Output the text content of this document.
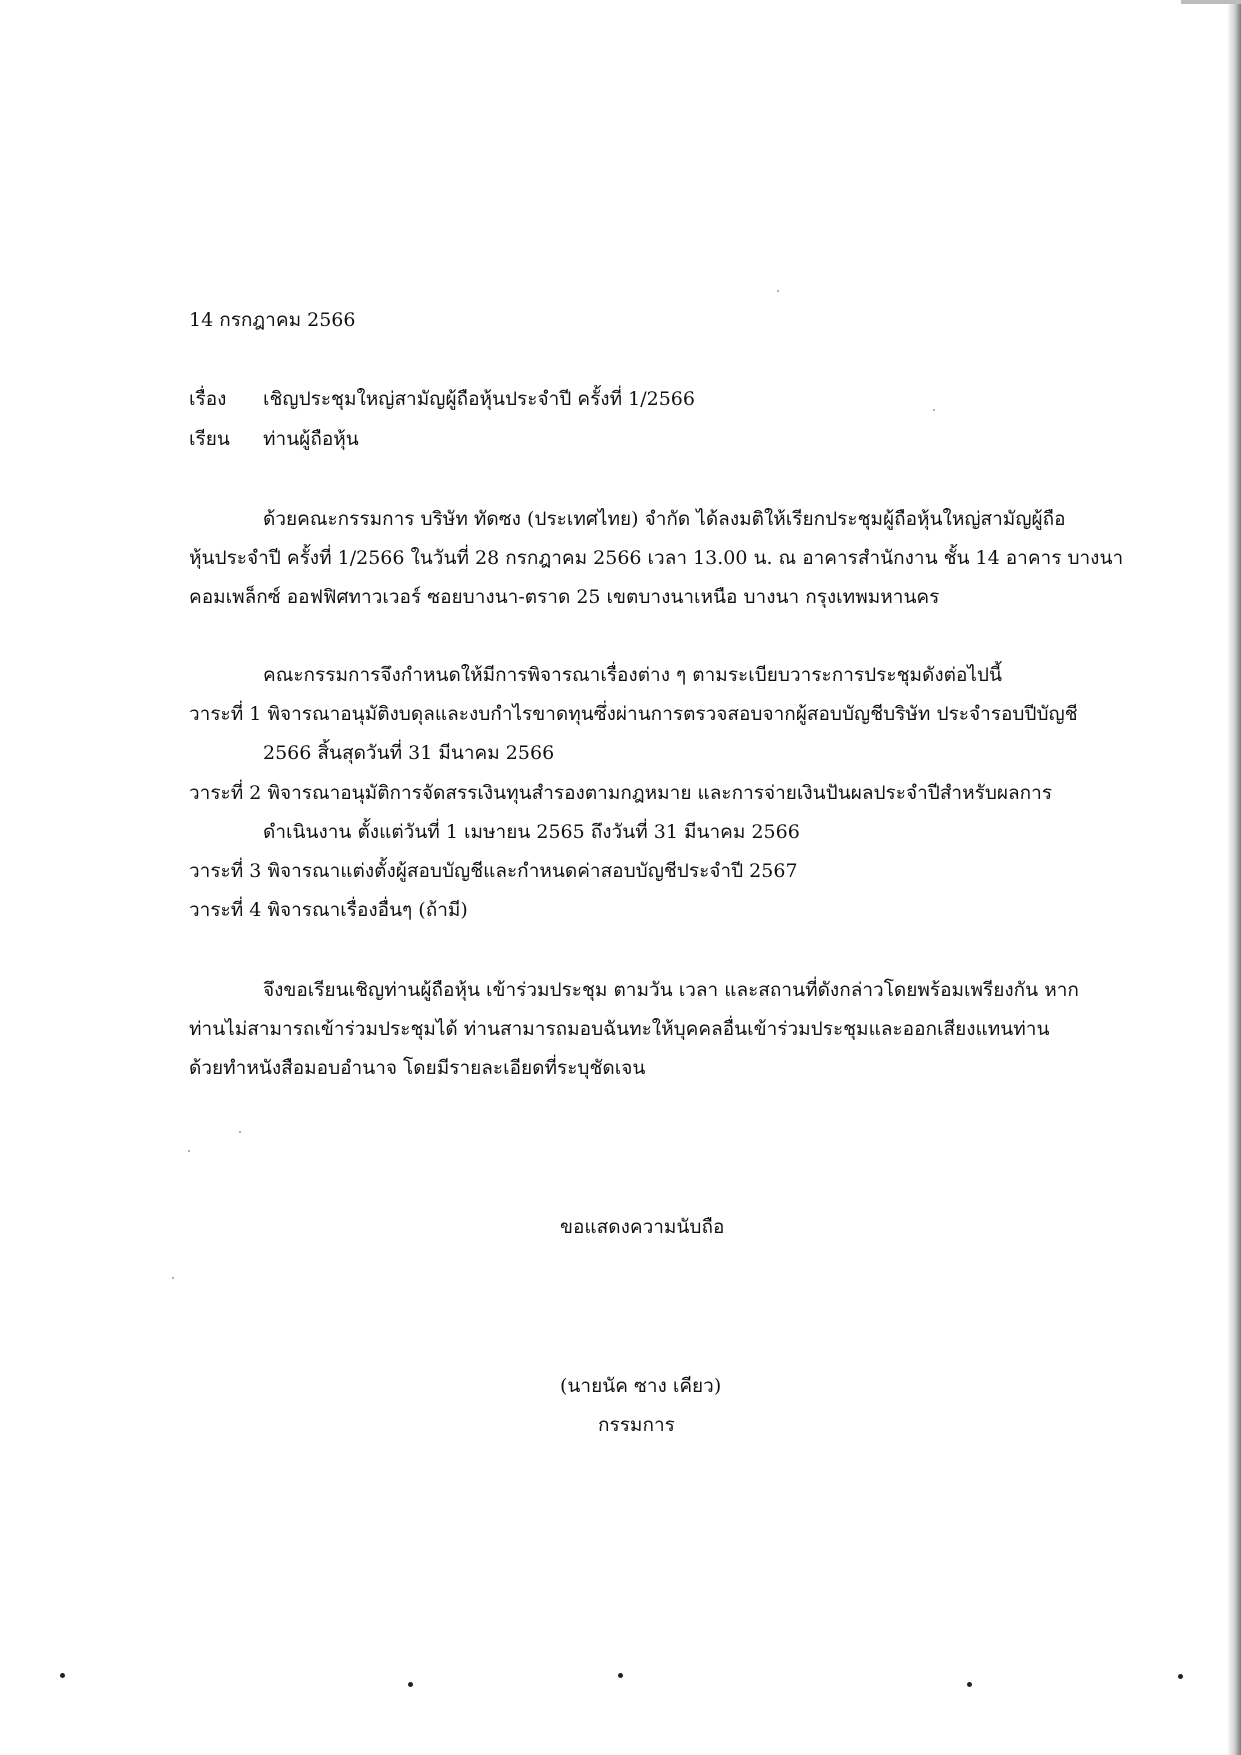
14 กรกฎาคม 2566
เรื่อง เชิญประชุมใหญ่สามัญผู้ถือหุ้นประจำปี ครั้งที่ 1/2566
เรียน ท่านผู้ถือหุ้น
ด้วยคณะกรรมการ บริษัท ทัดซง (ประเทศไทย) จำกัด ได้ลงมติให้เรียกประชุมผู้ถือหุ้นใหญ่สามัญผู้ถือ
หุ้นประจำปี ครั้งที่ 1/2566 ในวันที่ 28 กรกฎาคม 2566 เวลา 13.00 น. ณ อาคารสำนักงาน ชั้น 14 อาคาร บางนา
คอมเพล็กซ์ ออฟฟิศทาวเวอร์ ซอยบางนา-ตราด 25 เขตบางนาเหนือ บางนา กรุงเทพมหานคร
คณะกรรมการจึงกำหนดให้มีการพิจารณาเรื่องต่าง ๆ ตามระเบียบวาระการประชุมดังต่อไปนี้
วาระที่ 1 พิจารณาอนุมัติงบดุลและงบกำไรขาดทุนซึ่งผ่านการตรวจสอบจากผู้สอบบัญชีบริษัท ประจำรอบปีบัญชี
2566 สิ้นสุดวันที่ 31 มีนาคม 2566
วาระที่ 2 พิจารณาอนุมัติการจัดสรรเงินทุนสำรองตามกฎหมาย และการจ่ายเงินปันผลประจำปีสำหรับผลการ
ดำเนินงาน ตั้งแต่วันที่ 1 เมษายน 2565 ถึงวันที่ 31 มีนาคม 2566
วาระที่ 3 พิจารณาแต่งตั้งผู้สอบบัญชีและกำหนดค่าสอบบัญชีประจำปี 2567
วาระที่ 4 พิจารณาเรื่องอื่นๆ (ถ้ามี)
จึงขอเรียนเชิญท่านผู้ถือหุ้น เข้าร่วมประชุม ตามวัน เวลา และสถานที่ดังกล่าวโดยพร้อมเพรียงกัน หาก
ท่านไม่สามารถเข้าร่วมประชุมได้ ท่านสามารถมอบฉันทะให้บุคคลอื่นเข้าร่วมประชุมและออกเสียงแทนท่าน
ด้วยทำหนังสือมอบอำนาจ โดยมีรายละเอียดที่ระบุชัดเจน
ขอแสดงความนับถือ
(นายนัค ซาง เคียว)
กรรมการ
